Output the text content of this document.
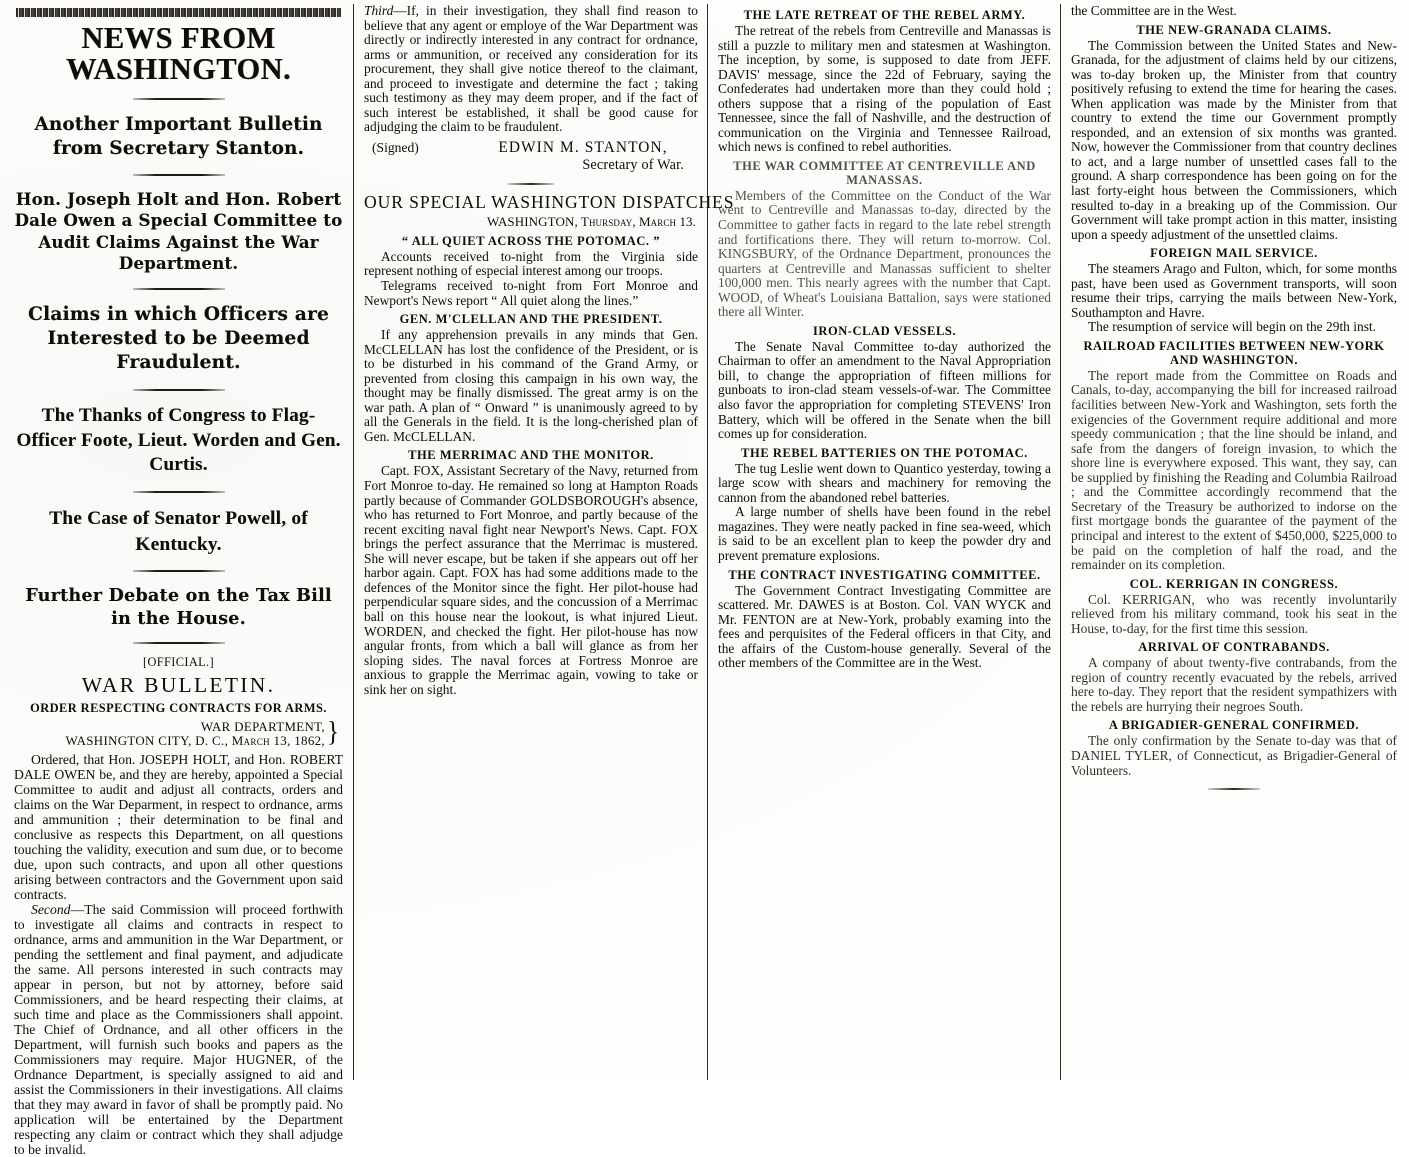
NEWS FROM WASHINGTON.
Another Important Bulletin from Secretary Stanton.
Hon. Joseph Holt and Hon. Robert Dale Owen a Special Committee to Audit Claims Against the War Department.
Claims in which Officers are Interested to be Deemed Fraudulent.
The Thanks of Congress to Flag-Officer Foote, Lieut. Worden and Gen. Curtis.
The Case of Senator Powell, of Kentucky.
Further Debate on the Tax Bill in the House.
[OFFICIAL.]
WAR BULLETIN.
ORDER RESPECTING CONTRACTS FOR ARMS.
}
WAR DEPARTMENT,
WASHINGTON CITY, D. C., March 13, 1862,

Ordered, that Hon. JOSEPH HOLT, and Hon. ROBERT DALE OWEN be, and they are hereby, appointed a Special Committee to audit and adjust all contracts, orders and claims on the War Deparment, in respect to ordnance, arms and ammunition ; their determination to be final and conclusive as respects this Department, on all questions touching the validity, execution and sum due, or to become due, upon such contracts, and upon all other questions arising between contractors and the Government upon said contracts.

Second—The said Commission will proceed forthwith to investigate all claims and contracts in respect to ordnance, arms and ammunition in the War Department, or pending the settlement and final payment, and adjudicate the same. All persons interested in such contracts may appear in person, but not by attorney, before said Commissioners, and be heard respecting their claims, at such time and place as the Commissioners shall appoint. The Chief of Ordnance, and all other officers in the Department, will furnish such books and papers as the Commissioners may require. Major HUGNER, of the Ordnance Department, is specially assigned to aid and assist the Commissioners in their investigations. All claims that they may award in favor of shall be promptly paid. No application will be entertained by the Department respecting any claim or contract which they shall adjudge to be invalid.

Third—If, in their investigation, they shall find reason to believe that any agent or employe of the War Department was directly or indirectly interested in any contract for ordnance, arms or ammunition, or received any consideration for its procurement, they shall give notice thereof to the claimant, and proceed to investigate and determine the fact ; taking such testimony as they may deem proper, and if the fact of such interest be established, it shall be good cause for adjudging the claim to be fraudulent.

(Signed)	EDWIN M. STANTON,
Secretary of War.
OUR SPECIAL WASHINGTON DISPATCHES
WASHINGTON, Thursday, March 13.
“ ALL QUIET ACROSS THE POTOMAC. ”

Accounts received to-night from the Virginia side represent nothing of especial interest among our troops.

Telegrams received to-night from Fort Monroe and Newport's News report “ All quiet along the lines.”

GEN. M'CLELLAN AND THE PRESIDENT.

If any apprehension prevails in any minds that Gen. McCLELLAN has lost the confidence of the President, or is to be disturbed in his command of the Grand Army, or prevented from closing this campaign in his own way, the thought may be finally dismissed. The great army is on the war path. A plan of “ Onward ” is unanimously agreed to by all the Generals in the field. It is the long-cherished plan of Gen. McCLELLAN.

THE MERRIMAC AND THE MONITOR.

Capt. FOX, Assistant Secretary of the Navy, returned from Fort Monroe to-day. He remained so long at Hampton Roads partly because of Commander GOLDSBOROUGH's absence, who has returned to Fort Monroe, and partly because of the recent exciting naval fight near Newport's News. Capt. FOX brings the perfect assurance that the Merrimac is mustered. She will never escape, but be taken if she appears out off her harbor again. Capt. FOX has had some additions made to the defences of the Monitor since the fight. Her pilot-house had perpendicular square sides, and the concussion of a Merrimac ball on this house near the lookout, is what injured Lieut. WORDEN, and checked the fight. Her pilot-house has now angular fronts, from which a ball will glance as from her sloping sides. The naval forces at Fortress Monroe are anxious to grapple the Merrimac again, vowing to take or sink her on sight.

THE LATE RETREAT OF THE REBEL ARMY.

The retreat of the rebels from Centreville and Manassas is still a puzzle to military men and statesmen at Washington. The inception, by some, is supposed to date from JEFF. DAVIS' message, since the 22d of February, saying the Confederates had undertaken more than they could hold ; others suppose that a rising of the population of East Tennessee, since the fall of Nashville, and the destruction of communication on the Virginia and Tennessee Railroad, which news is confined to rebel authorities.

THE WAR COMMITTEE AT CENTREVILLE AND MANASSAS.

Members of the Committee on the Conduct of the War went to Centreville and Manassas to-day, directed by the Committee to gather facts in regard to the late rebel strength and fortifications there. They will return to-morrow. Col. KINGSBURY, of the Ordnance Department, pronounces the quarters at Centreville and Manassas sufficient to shelter 100,000 men. This nearly agrees with the number that Capt. WOOD, of Wheat's Louisiana Battalion, says were stationed there all Winter.

IRON-CLAD VESSELS.

The Senate Naval Committee to-day authorized the Chairman to offer an amendment to the Naval Appropriation bill, to change the appropriation of fifteen millions for gunboats to iron-clad steam vessels-of-war. The Committee also favor the appropriation for completing STEVENS' Iron Battery, which will be offered in the Senate when the bill comes up for consideration.

THE REBEL BATTERIES ON THE POTOMAC.

The tug Leslie went down to Quantico yesterday, towing a large scow with shears and machinery for removing the cannon from the abandoned rebel batteries.

A large number of shells have been found in the rebel magazines. They were neatly packed in fine sea-weed, which is said to be an excellent plan to keep the powder dry and prevent premature explosions.

THE CONTRACT INVESTIGATING COMMITTEE.

The Government Contract Investigating Committee are scattered. Mr. DAWES is at Boston. Col. VAN WYCK and Mr. FENTON are at New-York, probably examing into the fees and perquisites of the Federal officers in that City, and the affairs of the Custom-house generally. Several of the other members of the Committee are in the West.

the Committee are in the West.

THE NEW-GRANADA CLAIMS.

The Commission between the United States and New-Granada, for the adjustment of claims held by our citizens, was to-day broken up, the Minister from that country positively refusing to extend the time for hearing the cases. When application was made by the Minister from that country to extend the time our Government promptly responded, and an extension of six months was granted. Now, however the Commissioner from that country declines to act, and a large number of unsettled cases fall to the ground. A sharp correspondence has been going on for the last forty-eight hous between the Commissioners, which resulted to-day in a breaking up of the Commission. Our Government will take prompt action in this matter, insisting upon a speedy adjustment of the unsettled claims.

FOREIGN MAIL SERVICE.

The steamers Arago and Fulton, which, for some months past, have been used as Government transports, will soon resume their trips, carrying the mails between New-York, Southampton and Havre.

The resumption of service will begin on the 29th inst.

RAILROAD FACILITIES BETWEEN NEW-YORK AND WASHINGTON.

The report made from the Committee on Roads and Canals, to-day, accompanying the bill for increased railroad facilities between New-York and Washington, sets forth the exigencies of the Government require additional and more speedy communication ; that the line should be inland, and safe from the dangers of foreign invasion, to which the shore line is everywhere exposed. This want, they say, can be supplied by finishing the Reading and Columbia Railroad ; and the Committee accordingly recommend that the Secretary of the Treasury be authorized to indorse on the first mortgage bonds the guarantee of the payment of the principal and interest to the extent of $450,000, $225,000 to be paid on the completion of half the road, and the remainder on its completion.

COL. KERRIGAN IN CONGRESS.

Col. KERRIGAN, who was recently involuntarily relieved from his military command, took his seat in the House, to-day, for the first time this session.

ARRIVAL OF CONTRABANDS.

A company of about twenty-five contrabands, from the region of country recently evacuated by the rebels, arrived here to-day. They report that the resident sympathizers with the rebels are hurrying their negroes South.

A BRIGADIER-GENERAL CONFIRMED.

The only confirmation by the Senate to-day was that of DANIEL TYLER, of Connecticut, as Brigadier-General of Volunteers.
